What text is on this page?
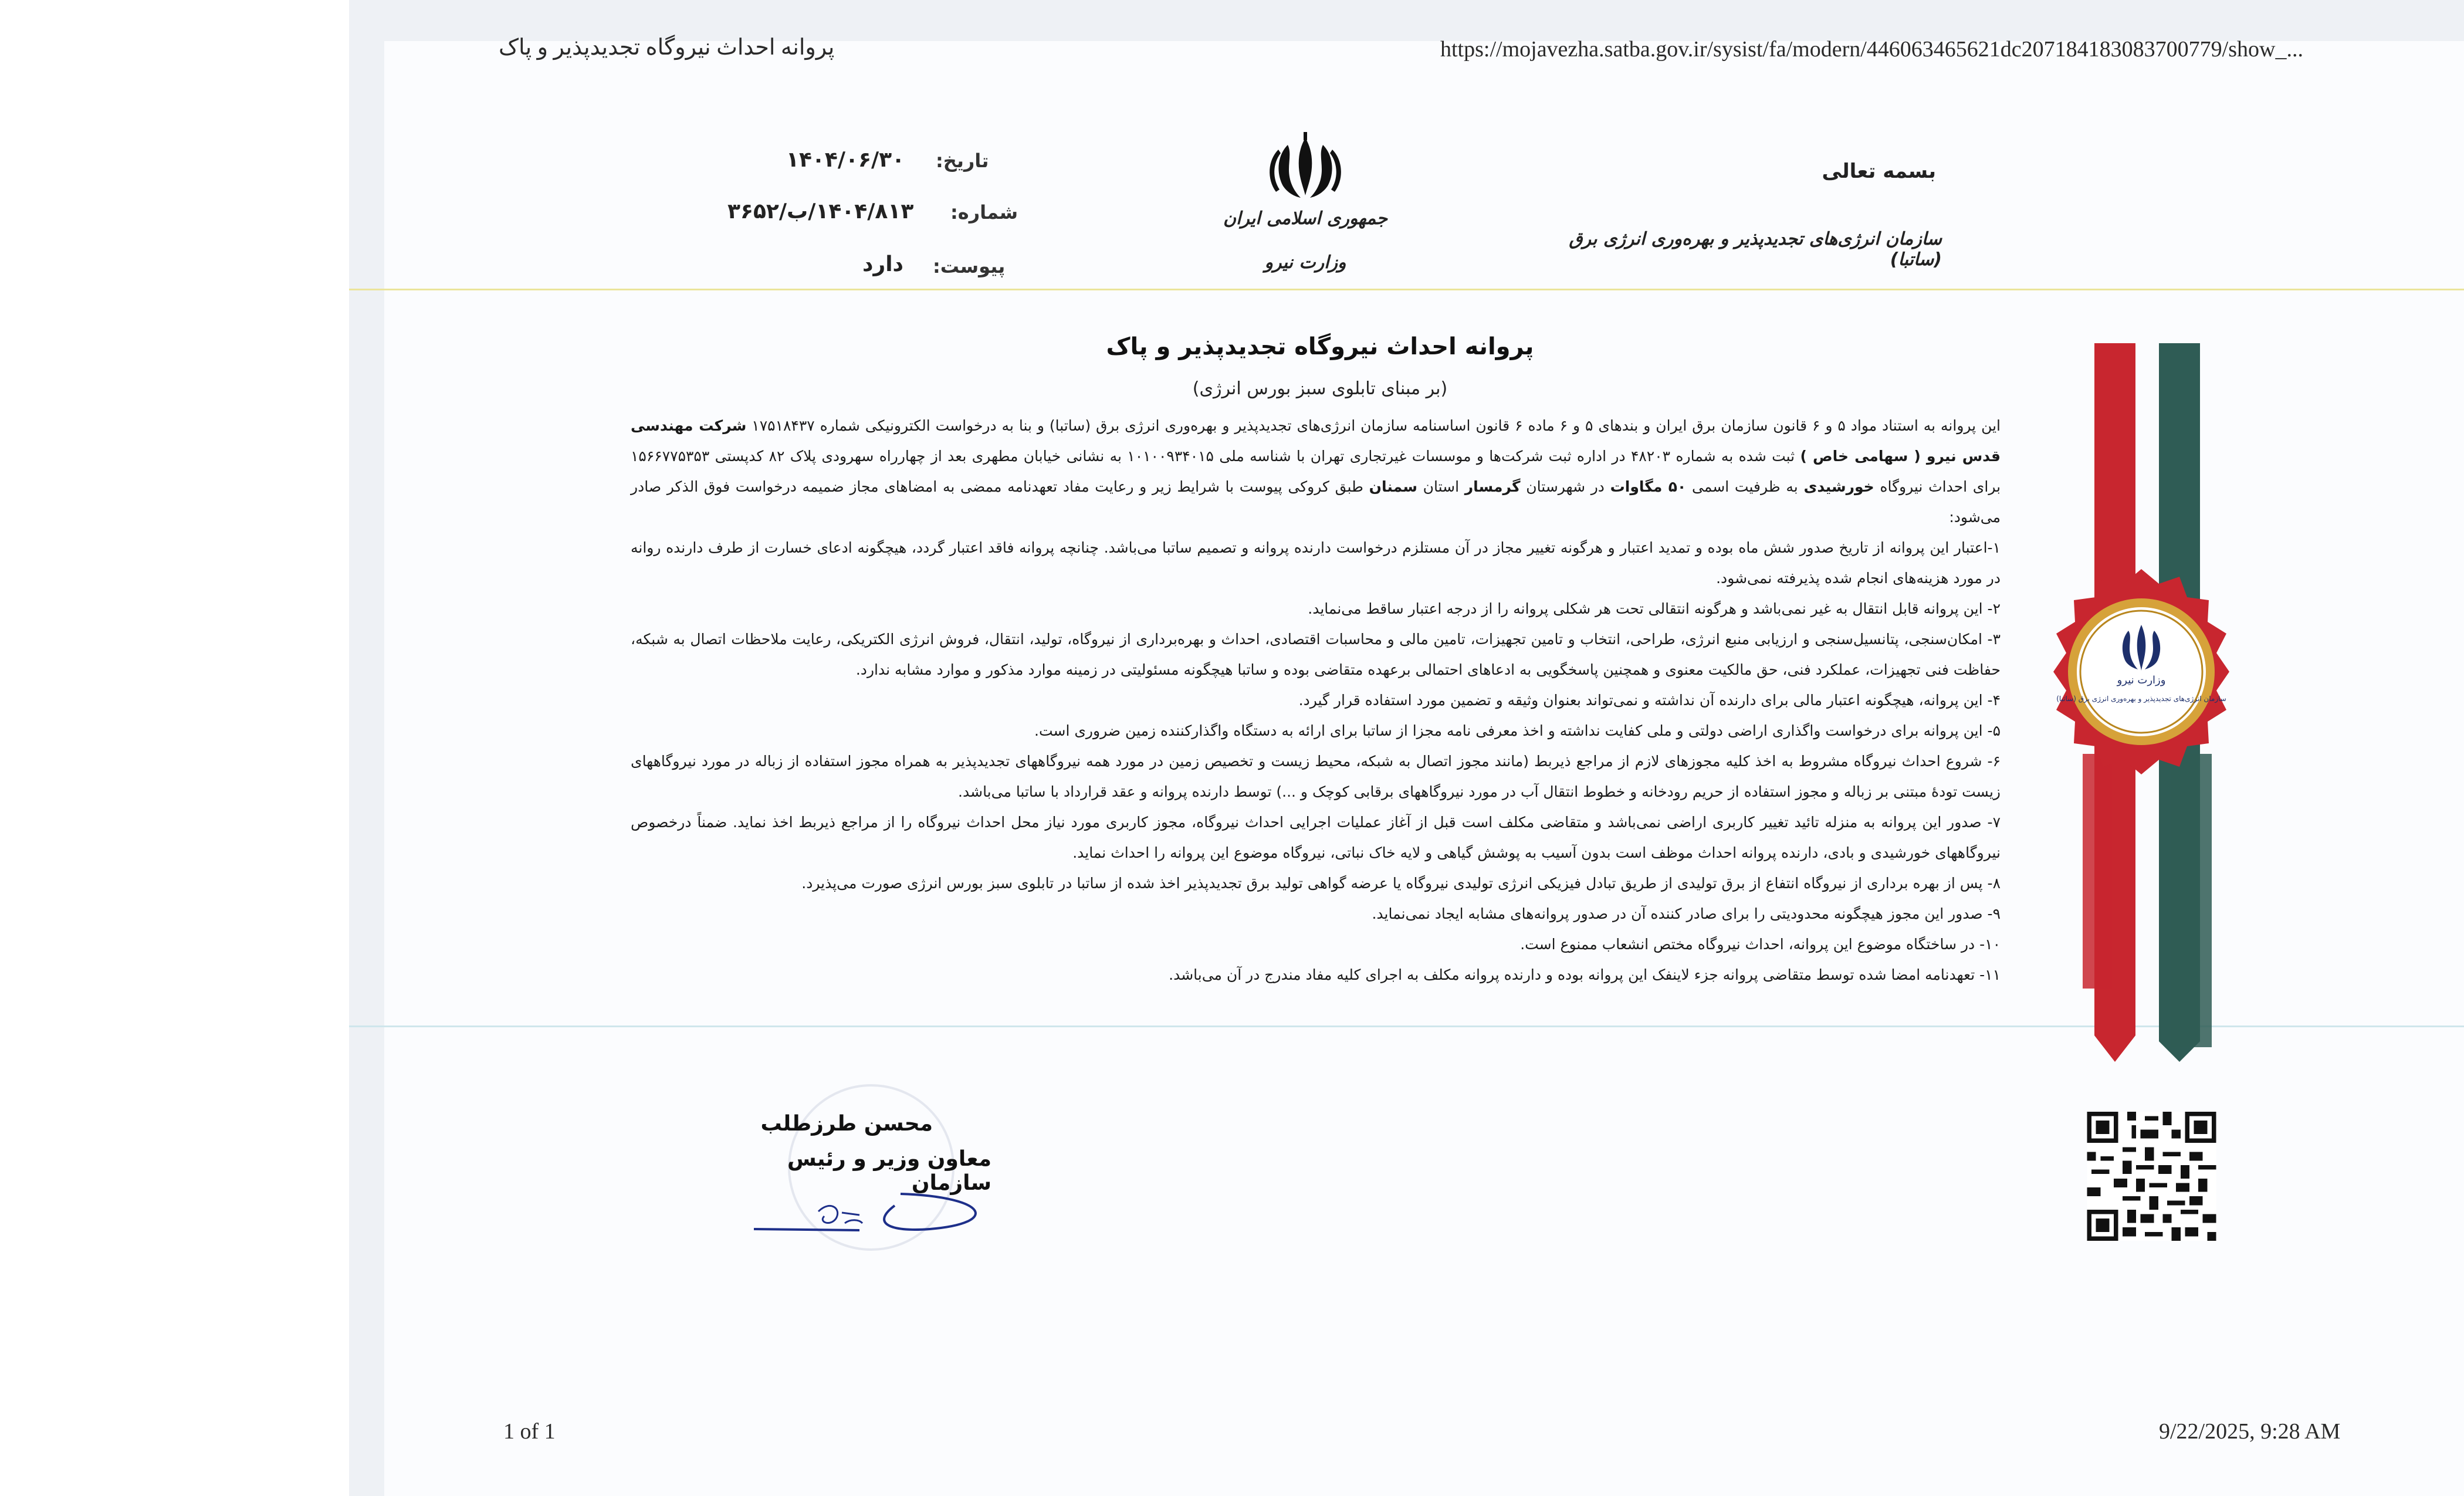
پروانه احداث نیروگاه تجدیدپذیر و پاک	https://mojavezha.satba.gov.ir/sysist/fa/modern/446063465621dc207184183083700779/show_...
1 of 1	9/22/2025, 9:28 AM
بسمه تعالی
سازمان انرژی‌های تجدیدپذیر و بهره‌وری انرژی برق (ساتبا)
جمهوری اسلامی ایران
وزارت نیرو
تاریخ:
۱۴۰۴/۰۶/۳۰
شماره:
۱۴۰۴/۸۱۳/ب/۳۶۵۲
پیوست:
دارد
پروانه احداث نیروگاه تجدیدپذیر و پاک
(بر مبنای تابلوی سبز بورس انرژی)

این پروانه به استناد مواد ۵ و ۶ قانون سازمان برق ایران و بندهای ۵ و ۶ ماده ۶ قانون اساسنامه سازمان انرژی‌های تجدیدپذیر و بهره‌وری انرژی برق (ساتبا) و بنا به درخواست الکترونیکی شماره ۱۷۵۱۸۴۳۷ شرکت مهندسی قدس نیرو ( سهامی خاص ) ثبت شده به شماره ۴۸۲۰۳ در اداره ثبت شرکت‌ها و موسسات غیرتجاری تهران با شناسه ملی ۱۰۱۰۰۹۳۴۰۱۵ به نشانی خیابان مطهری بعد از چهارراه سهرودی پلاک ۸۲ کدپستی ۱۵۶۶۷۷۵۳۵۳ برای احداث نیروگاه خورشیدی به ظرفیت اسمی ۵۰ مگاوات در شهرستان گرمسار استان سمنان طبق کروکی پیوست با شرایط زیر و رعایت مفاد تعهدنامه ممضی به امضاهای مجاز ضمیمه درخواست فوق الذکر صادر می‌شود:

۱-اعتبار این پروانه از تاریخ صدور شش ماه بوده و تمدید اعتبار و هرگونه تغییر مجاز در آن مستلزم درخواست دارنده پروانه و تصمیم ساتبا می‌باشد. چنانچه پروانه فاقد اعتبار گردد، هیچگونه ادعای خسارت از طرف دارنده روانه در مورد هزینه‌های انجام شده پذیرفته نمی‌شود.

۲- این پروانه قابل انتقال به غیر نمی‌باشد و هرگونه انتقالی تحت هر شکلی پروانه را از درجه اعتبار ساقط می‌نماید.

۳- امکان‌سنجی، پتانسیل‌سنجی و ارزیابی منبع انرژی، طراحی، انتخاب و تامین تجهیزات، تامین مالی و محاسبات اقتصادی، احداث و بهره‌برداری از نیروگاه، تولید، انتقال، فروش انرژی الکتریکی، رعایت ملاحظات اتصال به شبکه، حفاظت فنی تجهیزات، عملکرد فنی، حق مالکیت معنوی و همچنین پاسخگویی به ادعاهای احتمالی برعهده متقاضی بوده و ساتبا هیچگونه مسئولیتی در زمینه موارد مذکور و موارد مشابه ندارد.

۴- این پروانه، هیچگونه اعتبار مالی برای دارنده آن نداشته و نمی‌تواند بعنوان وثیقه و تضمین مورد استفاده قرار گیرد.

۵- این پروانه برای درخواست واگذاری اراضی دولتی و ملی کفایت نداشته و اخذ معرفی نامه مجزا از ساتبا برای ارائه به دستگاه واگذارکننده زمین ضروری است.

۶- شروع احداث نیروگاه مشروط به اخذ کلیه مجوزهای لازم از مراجع ذیربط (مانند مجوز اتصال به شبکه، محیط زیست و تخصیص زمین در مورد همه نیروگاههای تجدیدپذیر به همراه مجوز استفاده از زباله در مورد نیروگاههای زیست تودهٔ مبتنی بر زباله و مجوز استفاده از حریم رودخانه و خطوط انتقال آب در مورد نیروگاههای برقابی کوچک و ...) توسط دارنده پروانه و عقد قرارداد با ساتبا می‌باشد.

۷- صدور این پروانه به منزله تائید تغییر کاربری اراضی نمی‌باشد و متقاضی مکلف است قبل از آغاز عملیات اجرایی احداث نیروگاه، مجوز کاربری مورد نیاز محل احداث نیروگاه را از مراجع ذیربط اخذ نماید. ضمناً درخصوص نیروگاههای خورشیدی و بادی، دارنده پروانه احداث موظف است بدون آسیب به پوشش گیاهی و لایه خاک نباتی، نیروگاه موضوع این پروانه را احداث نماید.

۸- پس از بهره برداری از نیروگاه انتفاع از برق تولیدی از طریق تبادل فیزیکی انرژی تولیدی نیروگاه یا عرضه گواهی تولید برق تجدیدپذیر اخذ شده از ساتبا در تابلوی سبز بورس انرژی صورت می‌پذیرد.

۹- صدور این مجوز هیچگونه محدودیتی را برای صادر کننده آن در صدور پروانه‌های مشابه ایجاد نمی‌نماید.

۱۰- در ساختگاه موضوع این پروانه، احداث نیروگاه مختص انشعاب ممنوع است.

۱۱- تعهدنامه امضا شده توسط متقاضی پروانه جزء لاینفک این پروانه بوده و دارنده پروانه مکلف به اجرای کلیه مفاد مندرج در آن می‌باشد.

وزارت نیرو
سازمان انرژی‌های تجدیدپذیر و بهره‌وری انرژی برق (ساتبا)
محسن طرزطلب
معاون وزیر و رئیس سازمان
